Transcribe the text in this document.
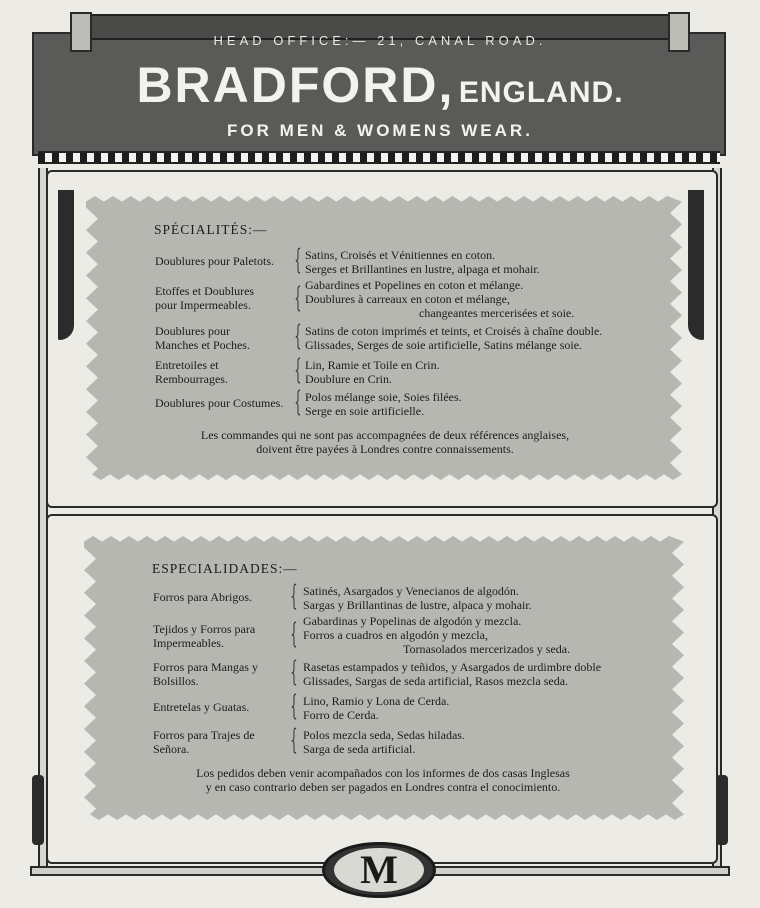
HEAD OFFICE:— 21, CANAL ROAD.
BRADFORD, ENGLAND.
FOR MEN & WOMENS WEAR.
SPÉCIALITÉS:—
Doublures pour Paletots. { Satins, Croisés et Vénitiennes en coton.
Serges et Brillantines en lustre, alpaga et mohair.
Etoffes et Doublures
pour Impermeables.	{ Gabardines et Popelines en coton et mélange.
Doublures à carreaux en coton et mélange,
changeantes mercerisées et soie.
Doublures pour
Manches et Poches.	{ Satins de coton imprimés et teints, et Croisés à chaîne double.
Glissades, Serges de soie artificielle, Satins mélange soie.
Entretoiles et
Rembourrages.	{ Lin, Ramie et Toile en Crin.
Doublure en Crin.
Doublures pour Costumes. { Polos mélange soie, Soies filées.
Serge en soie artificielle.
Les commandes qui ne sont pas accompagnées de deux références anglaises,
doivent être payées à Londres contre connaissements.
ESPECIALIDADES:—
Forros para Abrigos.	{ Satinés, Asargados y Venecianos de algodón.
Sargas y Brillantinas de lustre, alpaca y mohair.
Tejidos y Forros para
Impermeables.	{ Gabardinas y Popelinas de algodón y mezcla.
Forros a cuadros en algodón y mezcla,
Tornasolados mercerizados y seda.
Forros para Mangas y
Bolsillos.	{ Rasetas estampados y teñidos, y Asargados de urdimbre doble
Glissades, Sargas de seda artificial, Rasos mezcla seda.
Entretelas y Guatas.	{ Lino, Ramio y Lona de Cerda.
Forro de Cerda.
Forros para Trajes de
Señora.	{ Polos mezcla seda, Sedas hiladas.
Sarga de seda artificial.
Los pedidos deben venir acompañados con los informes de dos casas Inglesas
y en caso contrario deben ser pagados en Londres contra el conocimiento.
M
